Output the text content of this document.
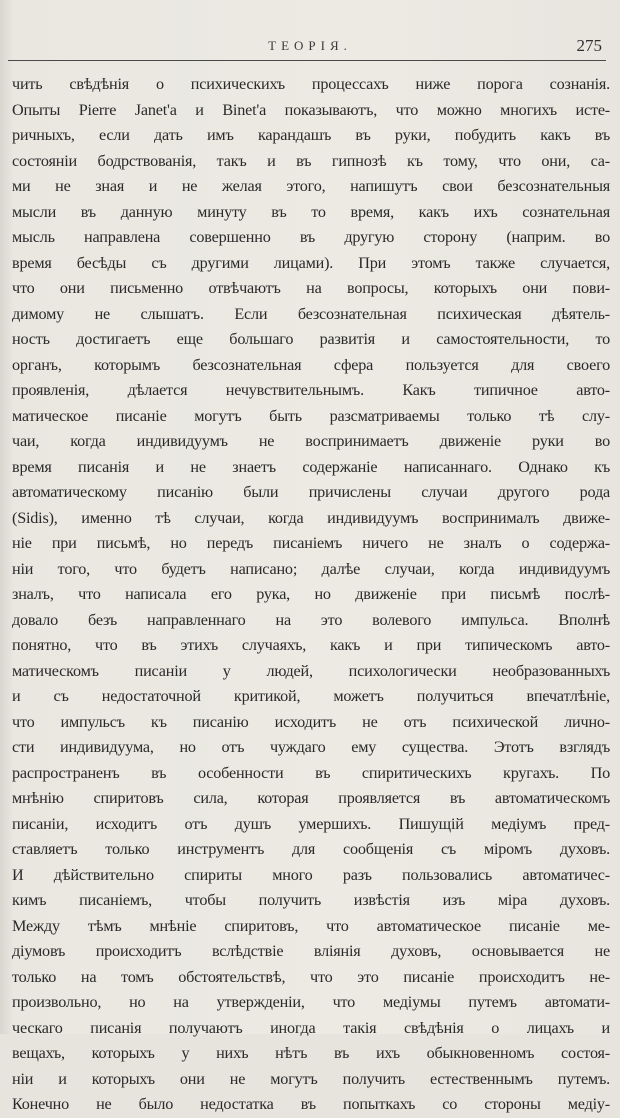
ТЕОРІЯ.	275
чить свѣдѣнія о психическихъ процессахъ ниже порога сознанія.
Опыты Pierre Janet'a и Binet'a показываютъ, что можно многихъ истe-
ричныхъ, если дать имъ карандашъ въ руки, побудить какъ въ
состояніи бодрствованія, такъ и въ гипнозѣ къ тому, что они, са-
ми не зная и не желая этого, напишутъ свои безсознательныя
мысли въ данную минуту въ то время, какъ ихъ сознательная
мысль направлена совершенно въ другую сторону (наприм. во
время бесѣды съ другими лицами). При этомъ также случается,
что они письменно отвѣчаютъ на вопросы, которыхъ они пови-
димому не слышатъ. Если безсознательная психическая дѣятель-
ность достигаетъ еще большаго развитія и самостоятельности, то
органъ, которымъ безсознательная сфера пользуется для своего
проявленія, дѣлается нечувствительнымъ. Какъ типичное авто-
матическое писаніе могутъ быть разсматриваемы только тѣ слу-
чаи, когда индивидуумъ не воспринимаетъ движеніе руки во
время писанія и не знаетъ содержаніе написаннаго. Однако къ
автоматическому писанію были причислены случаи другого рода
(Sidis), именно тѣ случаи, когда индивидуумъ воспринималъ движе-
ніе при письмѣ, но передъ писаніемъ ничего не зналъ о содержа-
ніи того, что будетъ написано; далѣе случаи, когда индивидуумъ
зналъ, что написала его рука, но движеніе при письмѣ послѣ-
довало безъ направленнаго на это волевого импульса. Вполнѣ
понятно, что въ этихъ случаяхъ, какъ и при типическомъ авто-
матическомъ писаніи у людей, психологически необразованныхъ
и съ недостаточной критикой, можетъ получиться впечатлѣніе,
что импульсъ къ писанію исходитъ не отъ психической личнo-
сти индивидуума, но отъ чуждаго ему существа. Этотъ взглядъ
распространенъ въ особенности въ спиритическихъ кругахъ. По
мнѣнію спиритовъ сила, которая проявляется въ автоматическомъ
писаніи, исходитъ отъ душъ умершихъ. Пишущій медіумъ пред-
ставляетъ только инструментъ для сообщенія съ міромъ духовъ.
И дѣйствительно спириты много разъ пользовались автоматичес-
кимъ писаніемъ, чтобы получить извѣстія изъ міра духовъ.
Между тѣмъ мнѣніе спиритовъ, что автоматическое писаніе ме-
діумовъ происходитъ вслѣдствіе вліянія духовъ, основывается не
только на томъ обстоятельствѣ, что это писаніе происходитъ не-
произвольно, но на утвержденіи, что медіумы путемъ автомати-
ческаго писанія получаютъ иногда такія свѣдѣнія о лицахъ и
вещахъ, которыхъ у нихъ нѣтъ въ ихъ обыкновенномъ состоя-
ніи и которыхъ они не могутъ получить естественнымъ путемъ.
Конечно не было недостатка въ попыткахъ со стороны медіу-
